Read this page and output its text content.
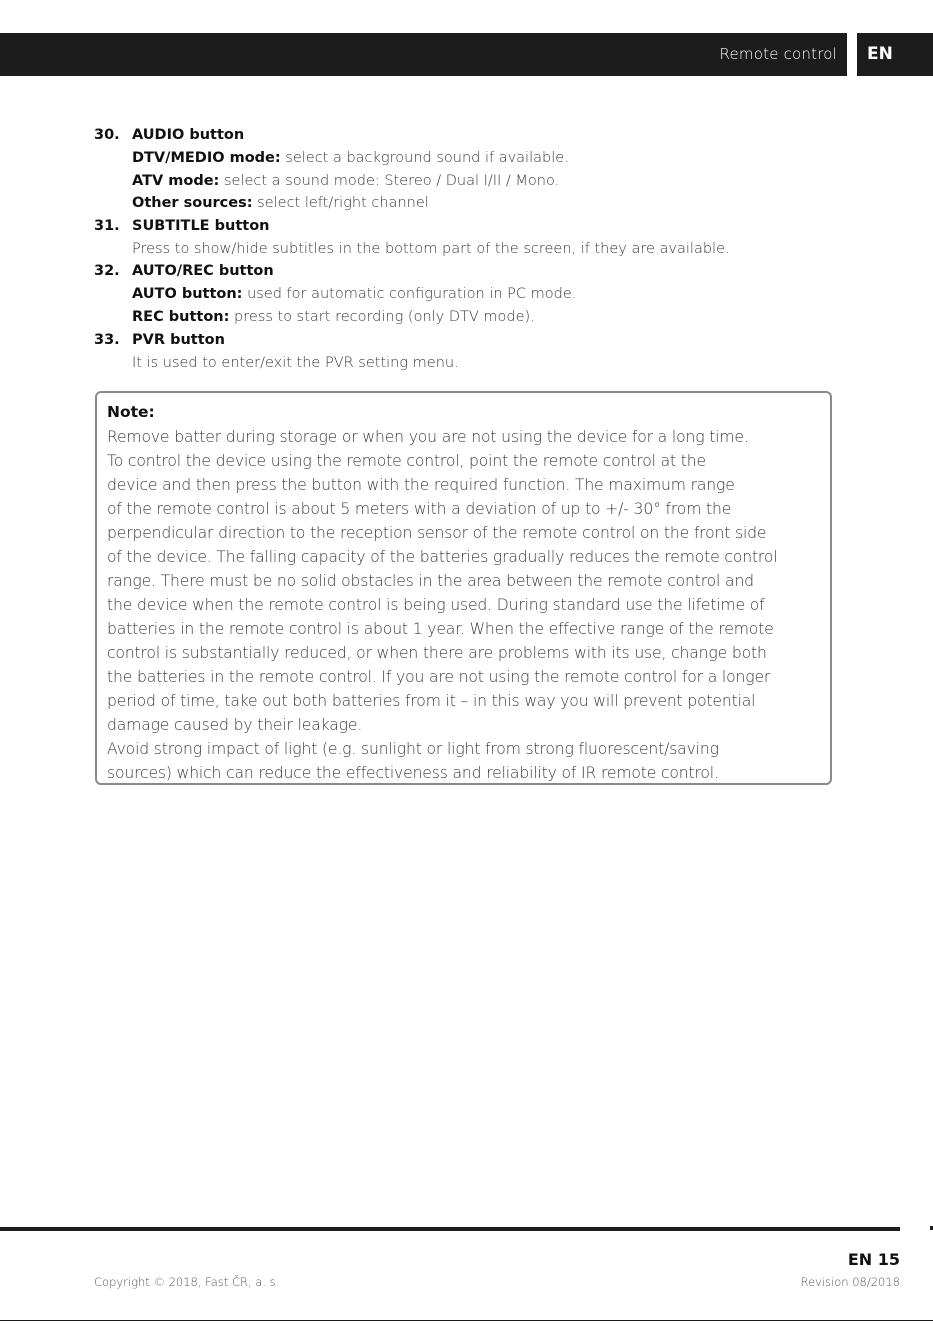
Remote control EN
30. AUDIO button
DTV/MEDIO mode: select a background sound if available.
ATV mode: select a sound mode: Stereo / Dual I/II / Mono.
Other sources: select left/right channel
31. SUBTITLE button
Press to show/hide subtitles in the bottom part of the screen, if they are available.
32. AUTO/REC button
AUTO button: used for automatic configuration in PC mode.
REC button: press to start recording (only DTV mode).
33. PVR button
It is used to enter/exit the PVR setting menu.
Note:
Remove batter during storage or when you are not using the device for a long time.
To control the device using the remote control, point the remote control at the
device and then press the button with the required function. The maximum range
of the remote control is about 5 meters with a deviation of up to +/- 30° from the
perpendicular direction to the reception sensor of the remote control on the front side
of the device. The falling capacity of the batteries gradually reduces the remote control
range. There must be no solid obstacles in the area between the remote control and
the device when the remote control is being used. During standard use the lifetime of
batteries in the remote control is about 1 year. When the effective range of the remote
control is substantially reduced, or when there are problems with its use, change both
the batteries in the remote control. If you are not using the remote control for a longer
period of time, take out both batteries from it – in this way you will prevent potential
damage caused by their leakage.
Avoid strong impact of light (e.g. sunlight or light from strong fluorescent/saving
sources) which can reduce the effectiveness and reliability of IR remote control.
EN 15
Copyright © 2018, Fast ČR, a. s.	Revision 08/2018
